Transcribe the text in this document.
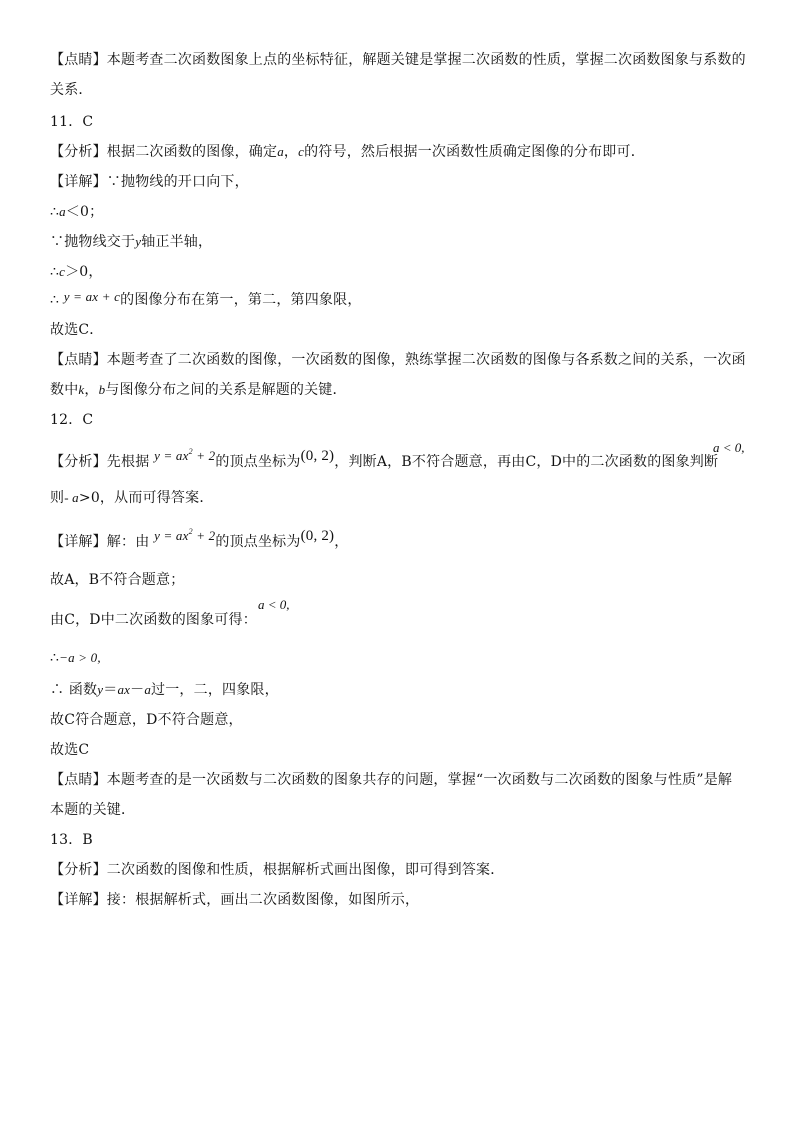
【点睛】本题考查二次函数图象上点的坐标特征，解题关键是掌握二次函数的性质，掌握二次函数图象与系数的
关系．
11．C
【分析】根据二次函数的图像，确定a，c的符号，然后根据一次函数性质确定图像的分布即可．
【详解】∵抛物线的开口向下，
∴a＜0；
∵抛物线交于y轴正半轴，
∴c＞0，
∴ y = ax + c的图像分布在第一，第二，第四象限，
故选C．
【点睛】本题考查了二次函数的图像，一次函数的图像，熟练掌握二次函数的图像与各系数之间的关系，一次函
数中k，b与图像分布之间的关系是解题的关键．
12．C
【分析】先根据 $y = ax^2 + 2$的顶点坐标为(0, 2)，判断A，B不符合题意，再由C，D中的二次函数的图象判断
a < 0,
则- a>0，从而可得答案．
【详解】解：由 $y = ax^2 + 2$的顶点坐标为(0, 2)，
故A，B不符合题意；
由C，D中二次函数的图象可得：
a < 0,
∴−a > 0,
∴ 函数y＝ax－a过一，二，四象限，
故C符合题意，D不符合题意，
故选C
【点睛】本题考查的是一次函数与二次函数的图象共存的问题，掌握“一次函数与二次函数的图象与性质”是解
本题的关键．
13．B
【分析】二次函数的图像和性质，根据解析式画出图像，即可得到答案．
【详解】接：根据解析式，画出二次函数图像，如图所示，
